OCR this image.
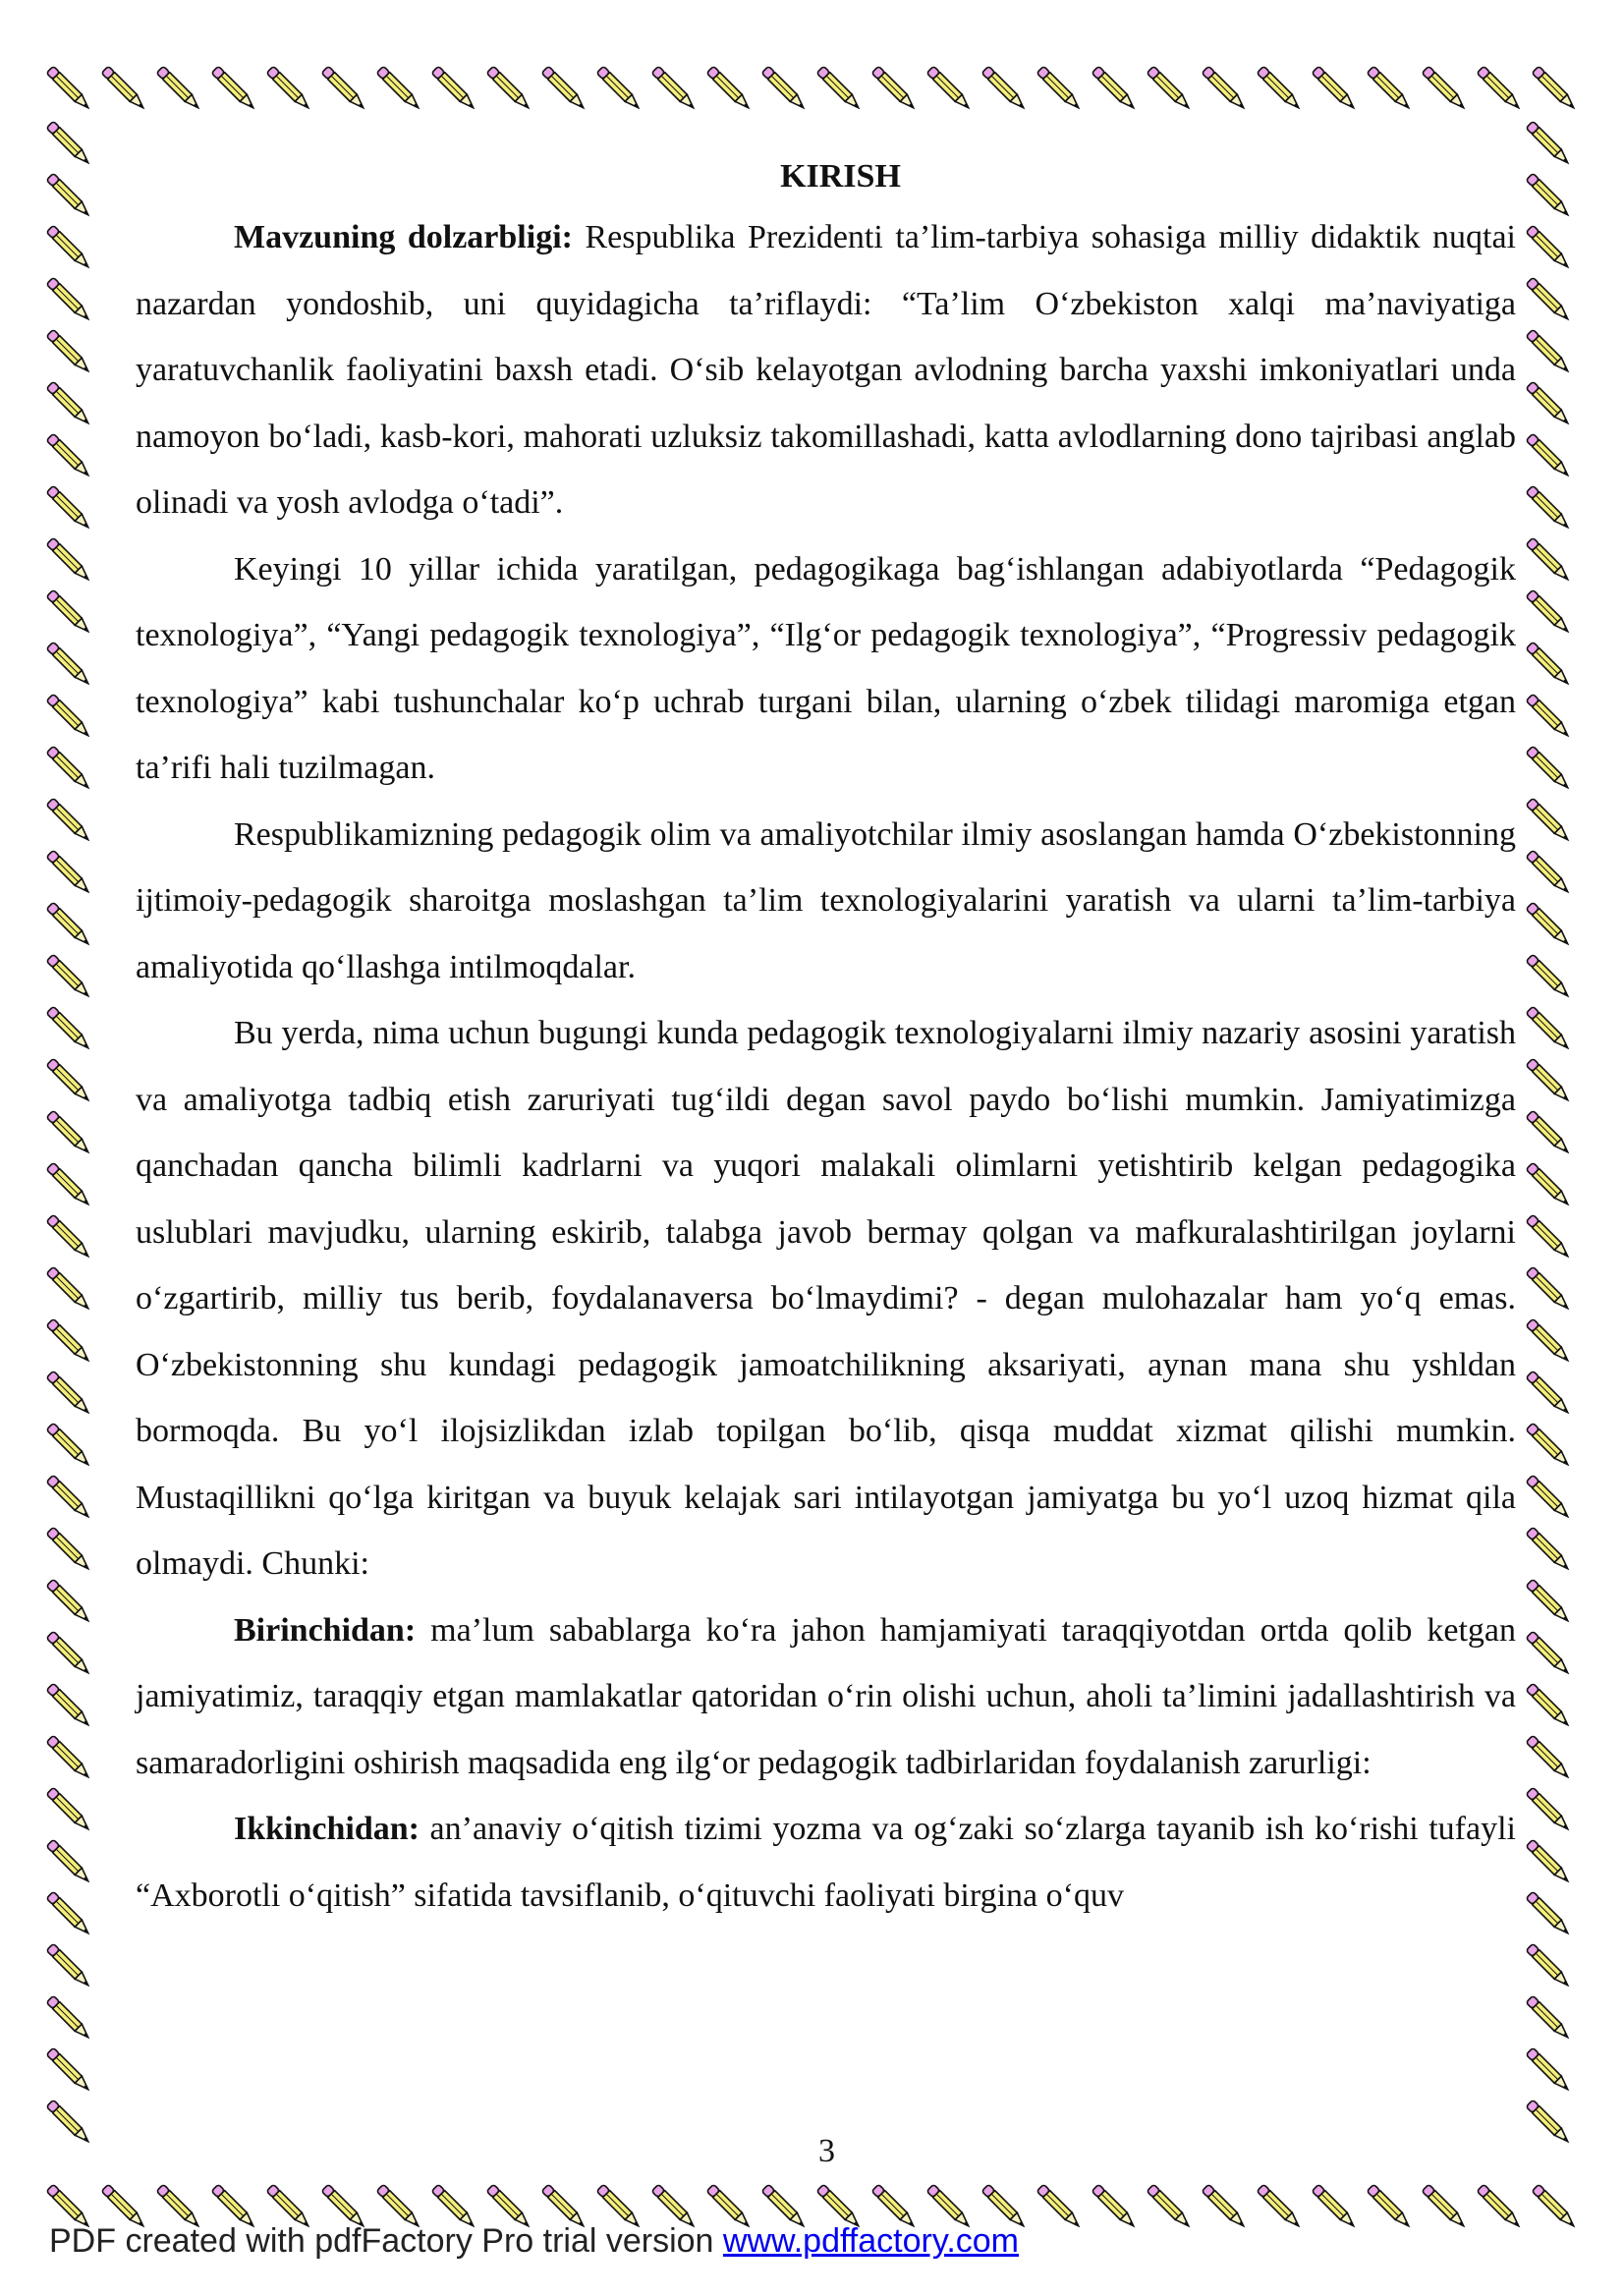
KIRISH

Mavzuning dolzarbligi: Respublika Prezidenti ta’lim-tarbiya sohasiga milliy didaktik nuqtai nazardan yondoshib, uni quyidagicha ta’riflaydi: “Ta’lim O‘zbekiston xalqi ma’naviyatiga yaratuvchanlik faoliyatini baxsh etadi. O‘sib kelayotgan avlodning barcha yaxshi imkoniyatlari unda namoyon bo‘ladi, kasb-kori, mahorati uzluksiz takomillashadi, katta avlodlarning dono tajribasi anglab olinadi va yosh avlodga o‘tadi”.

Keyingi 10 yillar ichida yaratilgan, pedagogikaga bag‘ishlangan adabiyotlarda “Pedagogik texnologiya”, “Yangi pedagogik texnologiya”, “Ilg‘or pedagogik texnologiya”, “Progressiv pedagogik texnologiya” kabi tushunchalar ko‘p uchrab turgani bilan, ularning o‘zbek tilidagi maromiga etgan ta’rifi hali tuzilmagan.

Respublikamizning pedagogik olim va amaliyotchilar ilmiy asoslangan hamda O‘zbekistonning ijtimoiy-pedagogik sharoitga moslashgan ta’lim texnologiyalarini yaratish va ularni ta’lim-tarbiya amaliyotida qo‘llashga intilmoqdalar.

Bu yerda, nima uchun bugungi kunda pedagogik texnologiyalarni ilmiy nazariy asosini yaratish va amaliyotga tadbiq etish zaruriyati tug‘ildi degan savol paydo bo‘lishi mumkin. Jamiyatimizga qanchadan qancha bilimli kadrlarni va yuqori malakali olimlarni yetishtirib kelgan pedagogika uslublari mavjudku, ularning eskirib, talabga javob bermay qolgan va mafkuralashtirilgan joylarni o‘zgartirib, milliy tus berib, foydalanaversa bo‘lmaydimi? - degan mulohazalar ham yo‘q emas. O‘zbekistonning shu kundagi pedagogik jamoatchilikning aksariyati, aynan mana shu yshldan bormoqda. Bu yo‘l ilojsizlikdan izlab topilgan bo‘lib, qisqa muddat xizmat qilishi mumkin. Mustaqillikni qo‘lga kiritgan va buyuk kelajak sari intilayotgan jamiyatga bu yo‘l uzoq hizmat qila olmaydi. Chunki:

Birinchidan: ma’lum sabablarga ko‘ra jahon hamjamiyati taraqqiyotdan ortda qolib ketgan jamiyatimiz, taraqqiy etgan mamlakatlar qatoridan o‘rin olishi uchun, aholi ta’limini jadallashtirish va samaradorligini oshirish maqsadida eng ilg‘or pedagogik tadbirlaridan foydalanish zarurligi:

Ikkinchidan: an’anaviy o‘qitish tizimi yozma va og‘zaki so‘zlarga tayanib ish ko‘rishi tufayli “Axborotli o‘qitish” sifatida tavsiflanib, o‘qituvchi faoliyati birgina o‘quv

3
PDF created with pdfFactory Pro trial version www.pdffactory.com
